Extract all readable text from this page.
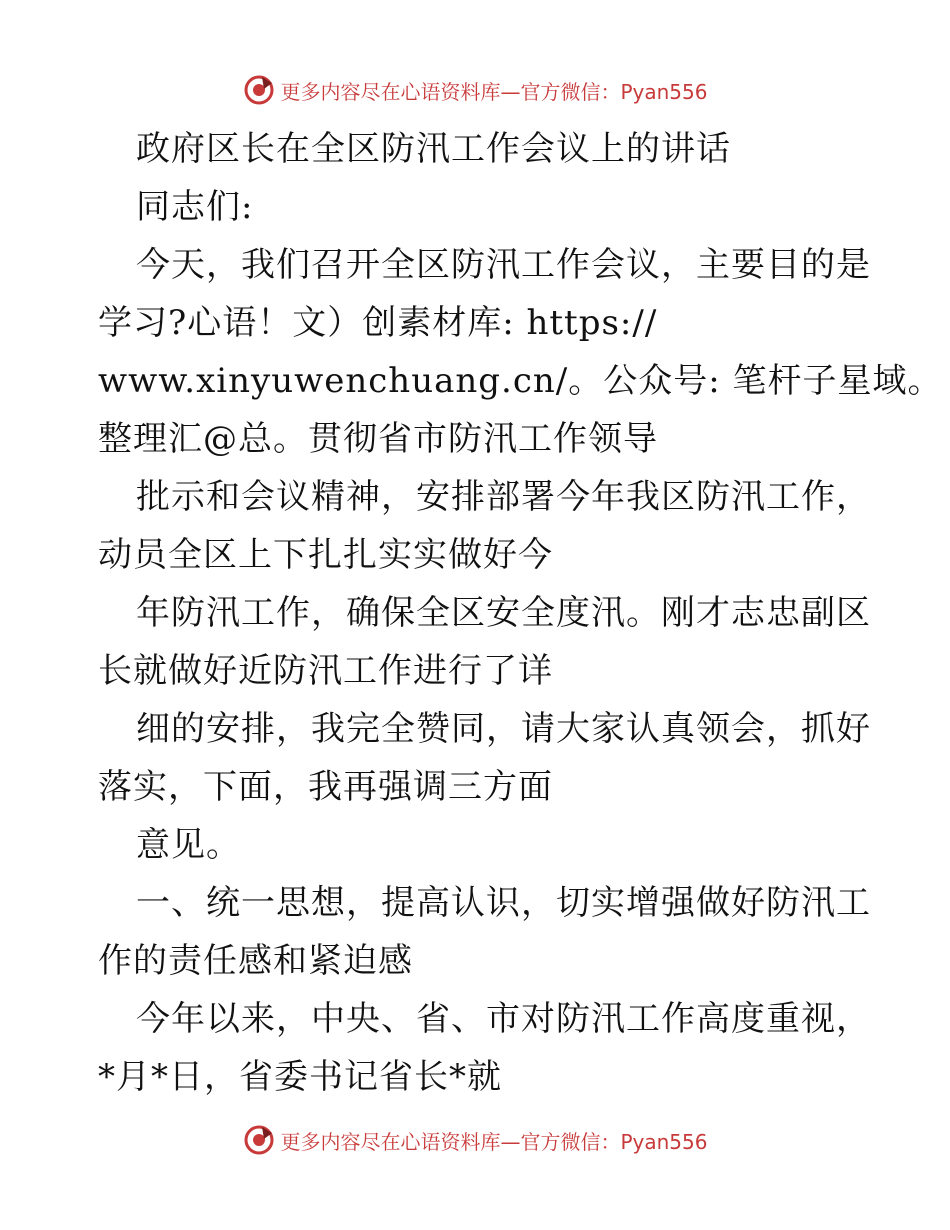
更多内容尽在心语资料库—官方微信：Pyan556
政府区长在全区防汛工作会议上的讲话
同志们:
今天，我们召开全区防汛工作会议，主要目的是
学习?心语！文）创素材库: https://
www.xinyuwenchuang.cn/。公众号: 笔杆子星域。
整理汇@总。贯彻省市防汛工作领导
批示和会议精神，安排部署今年我区防汛工作，
动员全区上下扎扎实实做好今
年防汛工作，确保全区安全度汛。刚才志忠副区
长就做好近防汛工作进行了详
细的安排，我完全赞同，请大家认真领会，抓好
落实，下面，我再强调三方面
意见。
一、统一思想，提高认识，切实增强做好防汛工
作的责任感和紧迫感
今年以来，中央、省、市对防汛工作高度重视，
*月*日，省委书记省长*就
更多内容尽在心语资料库—官方微信：Pyan556
